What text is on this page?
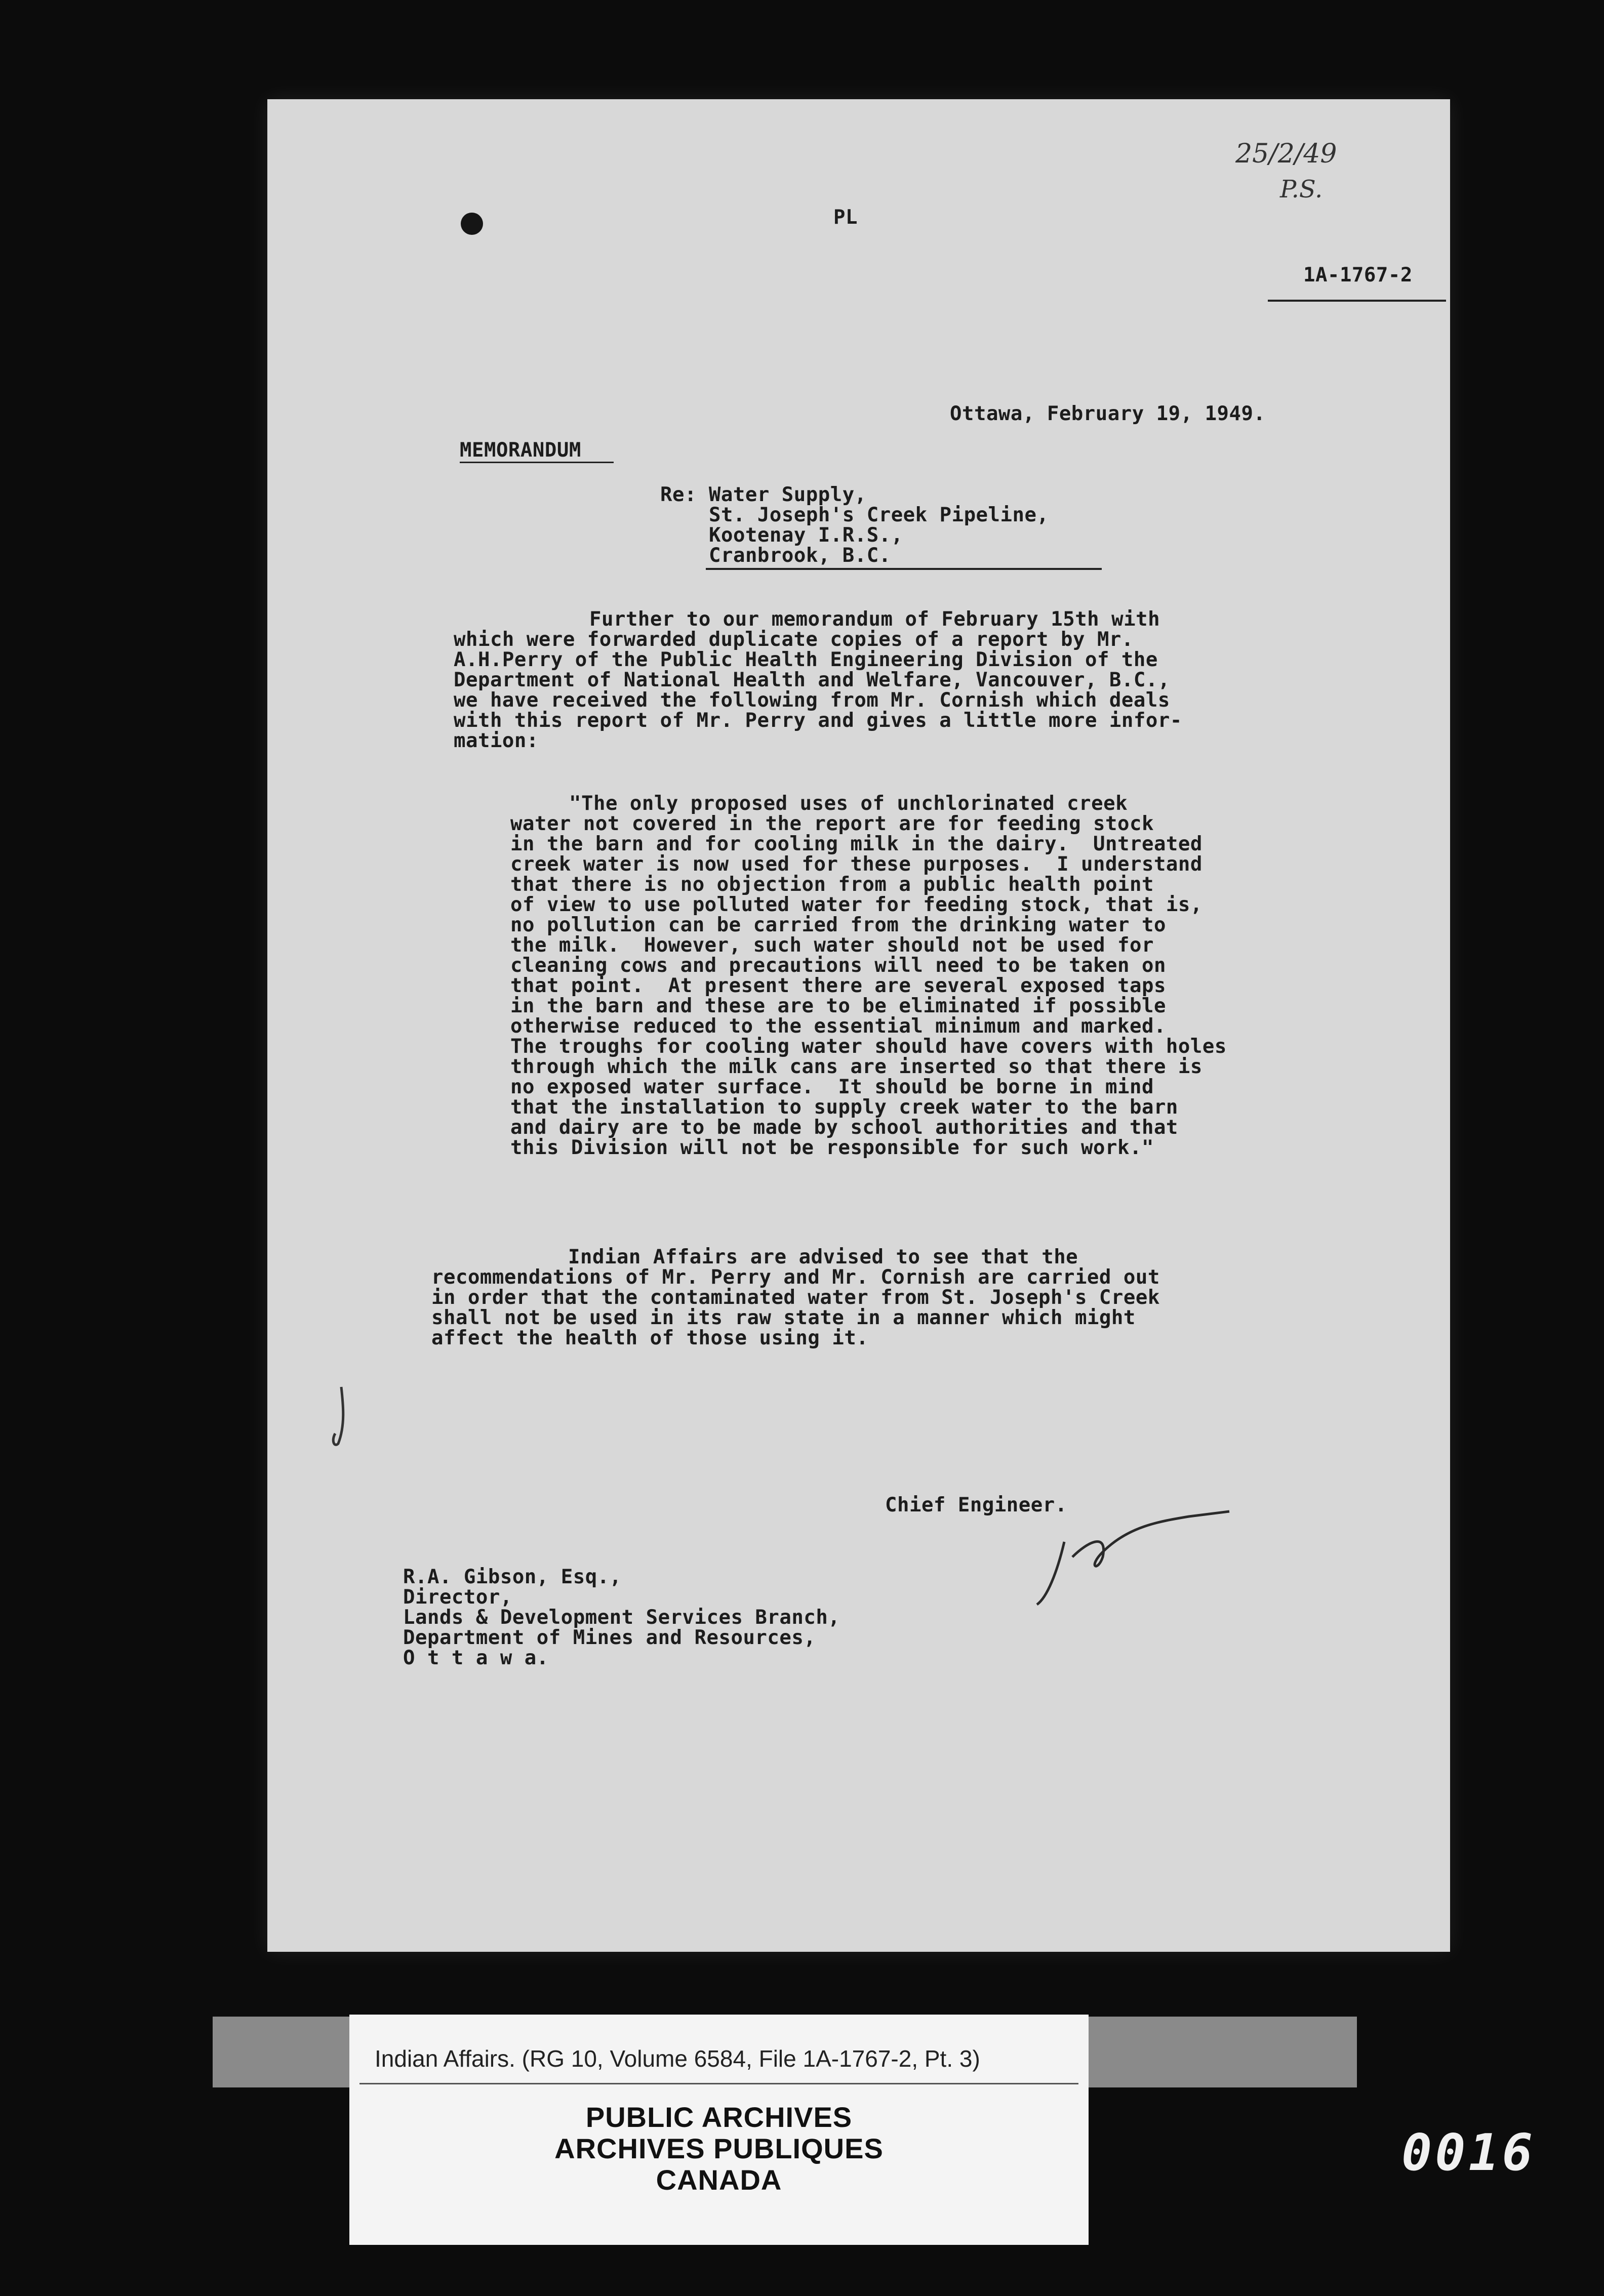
25/2/49
P.S.
PL
1A-1767-2
Ottawa, February 19, 1949.
MEMORANDUM
Re: Water Supply,
St. Joseph's Creek Pipeline,
Kootenay I.R.S.,
Cranbrook, B.C.
Further to our memorandum of February 15th with
which were forwarded duplicate copies of a report by Mr.
A.H.Perry of the Public Health Engineering Division of the
Department of National Health and Welfare, Vancouver, B.C.,
we have received the following from Mr. Cornish which deals
with this report of Mr. Perry and gives a little more infor-
mation:
"The only proposed uses of unchlorinated creek
water not covered in the report are for feeding stock
in the barn and for cooling milk in the dairy.  Untreated
creek water is now used for these purposes.  I understand
that there is no objection from a public health point
of view to use polluted water for feeding stock, that is,
no pollution can be carried from the drinking water to
the milk.  However, such water should not be used for
cleaning cows and precautions will need to be taken on
that point.  At present there are several exposed taps
in the barn and these are to be eliminated if possible
otherwise reduced to the essential minimum and marked.
The troughs for cooling water should have covers with holes
through which the milk cans are inserted so that there is
no exposed water surface.  It should be borne in mind
that the installation to supply creek water to the barn
and dairy are to be made by school authorities and that
this Division will not be responsible for such work."
Indian Affairs are advised to see that the
recommendations of Mr. Perry and Mr. Cornish are carried out
in order that the contaminated water from St. Joseph's Creek
shall not be used in its raw state in a manner which might
affect the health of those using it.
Chief Engineer.
R.A. Gibson, Esq.,
Director,
Lands & Development Services Branch,
Department of Mines and Resources,
O t t a w a.
Indian Affairs. (RG 10, Volume 6584, File 1A-1767-2, Pt. 3)
PUBLIC ARCHIVES
ARCHIVES PUBLIQUES
CANADA	0016
